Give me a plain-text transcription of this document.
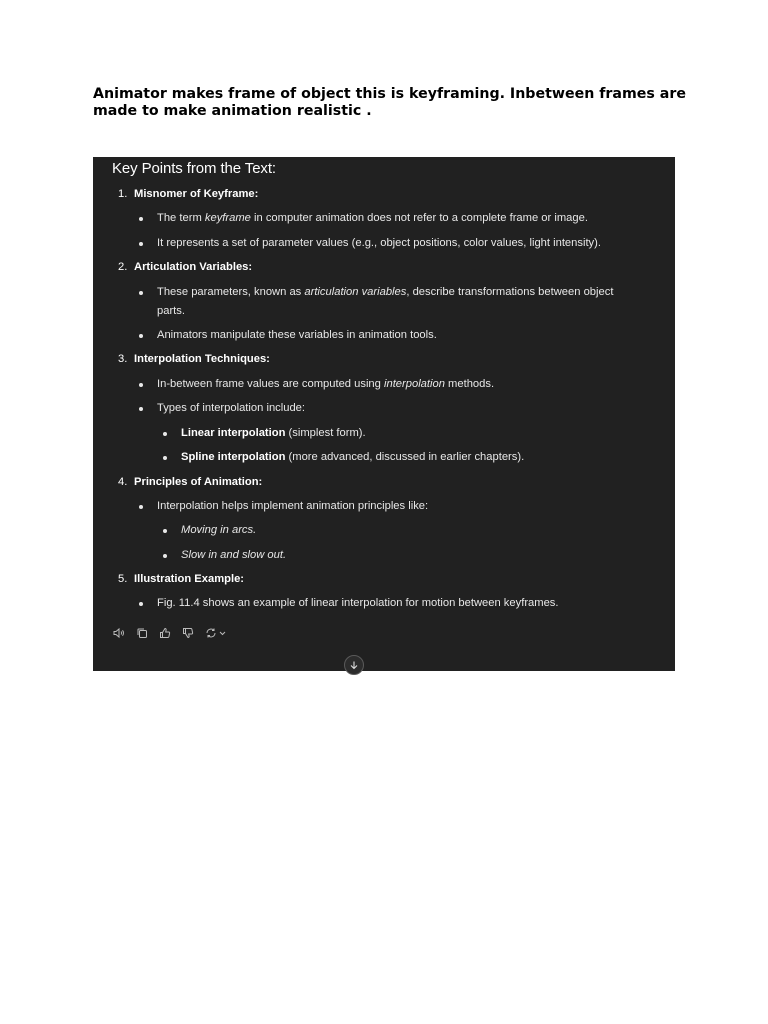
Animator makes frame of object this is keyframing. Inbetween frames are made to make animation realistic .

Key Points from the Text:
1. Misnomer of Keyframe:
The term keyframe in computer animation does not refer to a complete frame or image.
It represents a set of parameter values (e.g., object positions, color values, light intensity).
2. Articulation Variables:
These parameters, known as articulation variables, describe transformations between object
parts.
Animators manipulate these variables in animation tools.
3. Interpolation Techniques:
In-between frame values are computed using interpolation methods.
Types of interpolation include:
Linear interpolation (simplest form).
Spline interpolation (more advanced, discussed in earlier chapters).
4. Principles of Animation:
Interpolation helps implement animation principles like:
Moving in arcs.
Slow in and slow out.
5. Illustration Example:
Fig. 11.4 shows an example of linear interpolation for motion between keyframes.
